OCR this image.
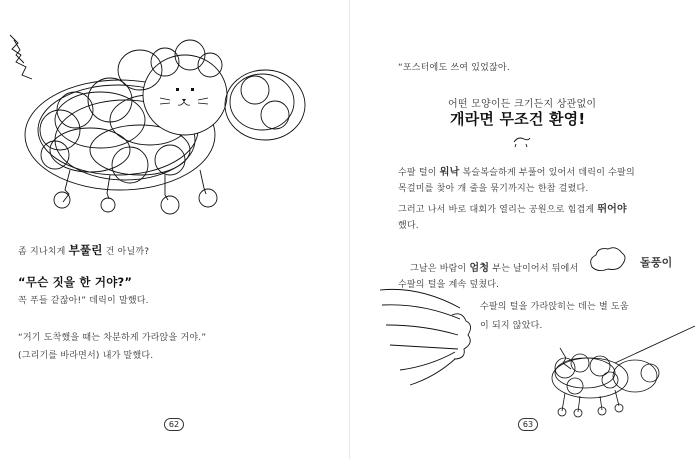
좀 지나치게 부풀린 건 아닐까?
“무슨 짓을 한 거야?”
꼭 푸들 같잖아!” 데릭이 말했다.
“거기 도착했을 때는 차분하게 가라앉을 거야.”
(그리기를 바라면서) 내가 말했다.
62
“포스터에도 쓰여 있었잖아.
어떤 모양이든 크기든지 상관없이
개라면 무조건 환영!
수팔 털이 워낙 복슬복슬하게 부풀어 있어서 데릭이 수팔의
목걸미를 찾아 개 줄을 묶기까지는 한참 걸렸다.
그러고 나서 바로 대회가 열리는 공원으로 힘겹게 뛰어야
했다.
그날은 바람이 엄청 부는 날이어서 뒤에서	돌풍이
수팔의 털을 계속 덮쳤다.
수팔의 털을 가라앉히는 데는 별 도움
이 되지 않았다.
63
